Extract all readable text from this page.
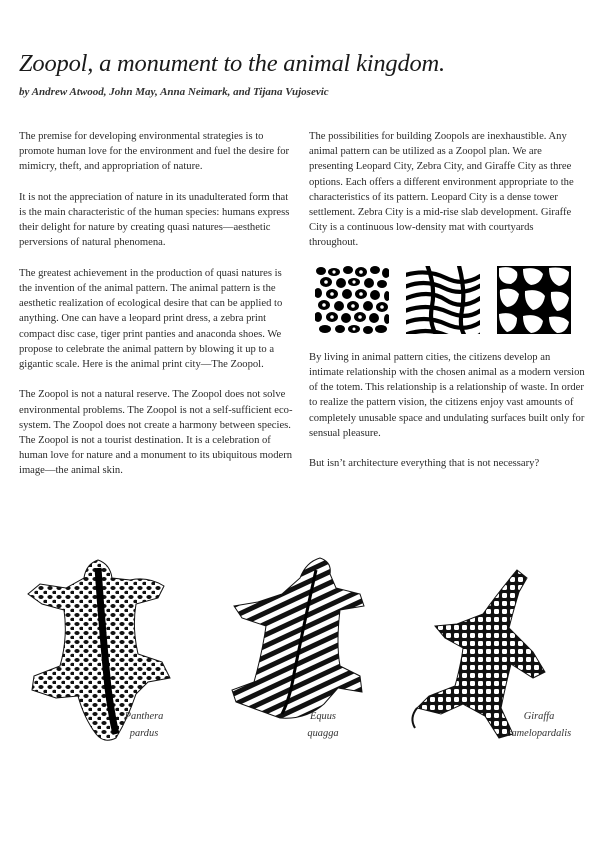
Zoopol, a monument to the animal kingdom.
by Andrew Atwood, John May, Anna Neimark, and Tijana Vujosevic

The premise for developing environmental strategies is to promote human love for the environment and fuel the desire for mimicry, theft, and appropriation of nature.

It is not the appreciation of nature in its unadulterated form that is the main characteristic of the human species: humans express their delight for nature by creating quasi natures—aesthetic perversions of natural phenomena.

The greatest achievement in the production of quasi natures is the invention of the animal pattern. The animal pattern is the aesthetic realization of ecological desire that can be applied to anything. One can have a leopard print dress, a zebra print compact disc case, tiger print panties and anaconda shoes. We propose to celebrate the animal pattern by blowing it up to a gigantic scale. Here is the animal print city—The Zoopol.

The Zoopol is not a natural reserve. The Zoopol does not solve environmental problems. The Zoopol is not a self-sufficient eco-system. The Zoopol does not create a harmony between species. The Zoopol is not a tourist destination. It is a celebration of human love for nature and a monument to its ubiquitous modern image—the animal skin.

The possibilities for building Zoopols are inexhaustible. Any animal pattern can be utilized as a Zoopol plan. We are presenting Leopard City, Zebra City, and Giraffe City as three options. Each offers a different environment appropriate to the characteristics of its pattern. Leopard City is a dense tower settlement. Zebra City is a mid-rise slab development. Giraffe City is a continuous low-density mat with courtyards throughout.

By living in animal pattern cities, the citizens develop an intimate relationship with the chosen animal as a modern version of the totem. This relationship is a relationship of waste. In order to realize the pattern vision, the citizens enjoy vast amounts of completely unusable space and undulating surfaces built only for sensual pleasure.

But isn’t architecture everything that is not necessary?

Panthera
pardus
Equus
quagga
Giraffa
camelopardalis
